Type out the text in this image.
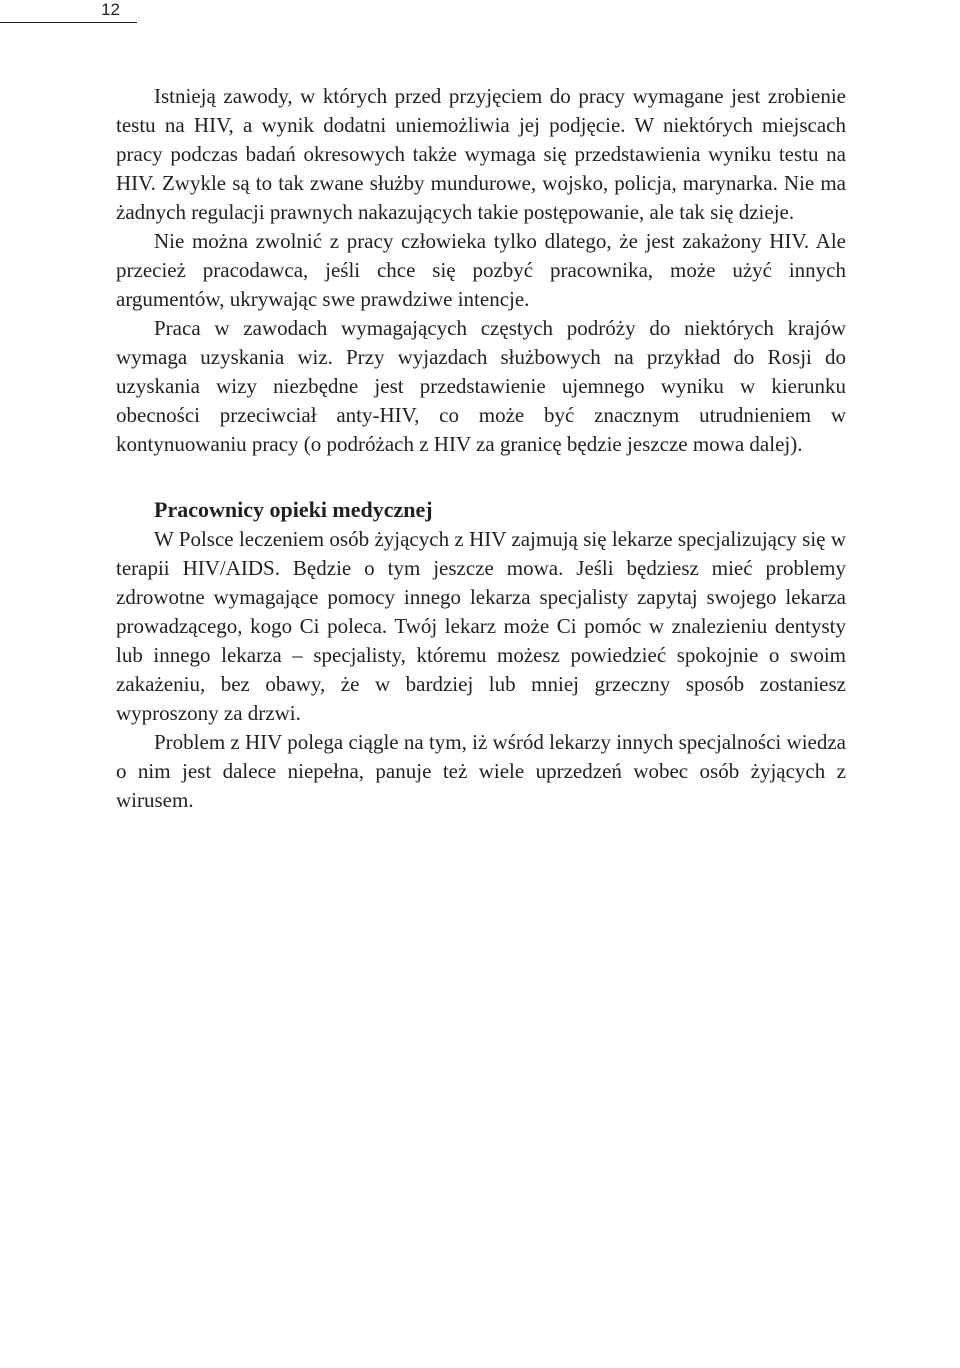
12

Istnieją zawody, w których przed przyjęciem do pracy wymagane jest zrobienie testu na HIV, a wynik dodatni uniemożliwia jej podjęcie. W niektórych miejscach pracy podczas badań okresowych także wymaga się przedstawienia wyniku testu na HIV. Zwykle są to tak zwane służby mundurowe, wojsko, policja, marynarka. Nie ma żadnych regulacji prawnych nakazujących takie postępowanie, ale tak się dzieje.

Nie można zwolnić z pracy człowieka tylko dlatego, że jest zakażony HIV. Ale przecież pracodawca, jeśli chce się pozbyć pracownika, może użyć innych argumentów, ukrywając swe prawdziwe intencje.

Praca w zawodach wymagających częstych podróży do niektórych krajów wymaga uzyskania wiz. Przy wyjazdach służbowych na przykład do Rosji do uzyskania wizy niezbędne jest przedstawienie ujemnego wyniku w kierunku obecności przeciwciał anty-HIV, co może być znacznym utrudnieniem w kontynuowaniu pracy (o podróżach z HIV za granicę będzie jeszcze mowa dalej).

Pracownicy opieki medycznej

W Polsce leczeniem osób żyjących z HIV zajmują się lekarze specjalizujący się w terapii HIV/AIDS. Będzie o tym jeszcze mowa. Jeśli będziesz mieć problemy zdrowotne wymagające pomocy innego lekarza specjalisty zapytaj swojego lekarza prowadzącego, kogo Ci poleca. Twój lekarz może Ci pomóc w znalezieniu dentysty lub innego lekarza – specjalisty, któremu możesz powiedzieć spokojnie o swoim zakażeniu, bez obawy, że w bardziej lub mniej grzeczny sposób zostaniesz wyproszony za drzwi.

Problem z HIV polega ciągle na tym, iż wśród lekarzy innych specjalności wiedza o nim jest dalece niepełna, panuje też wiele uprzedzeń wobec osób żyjących z wirusem.
